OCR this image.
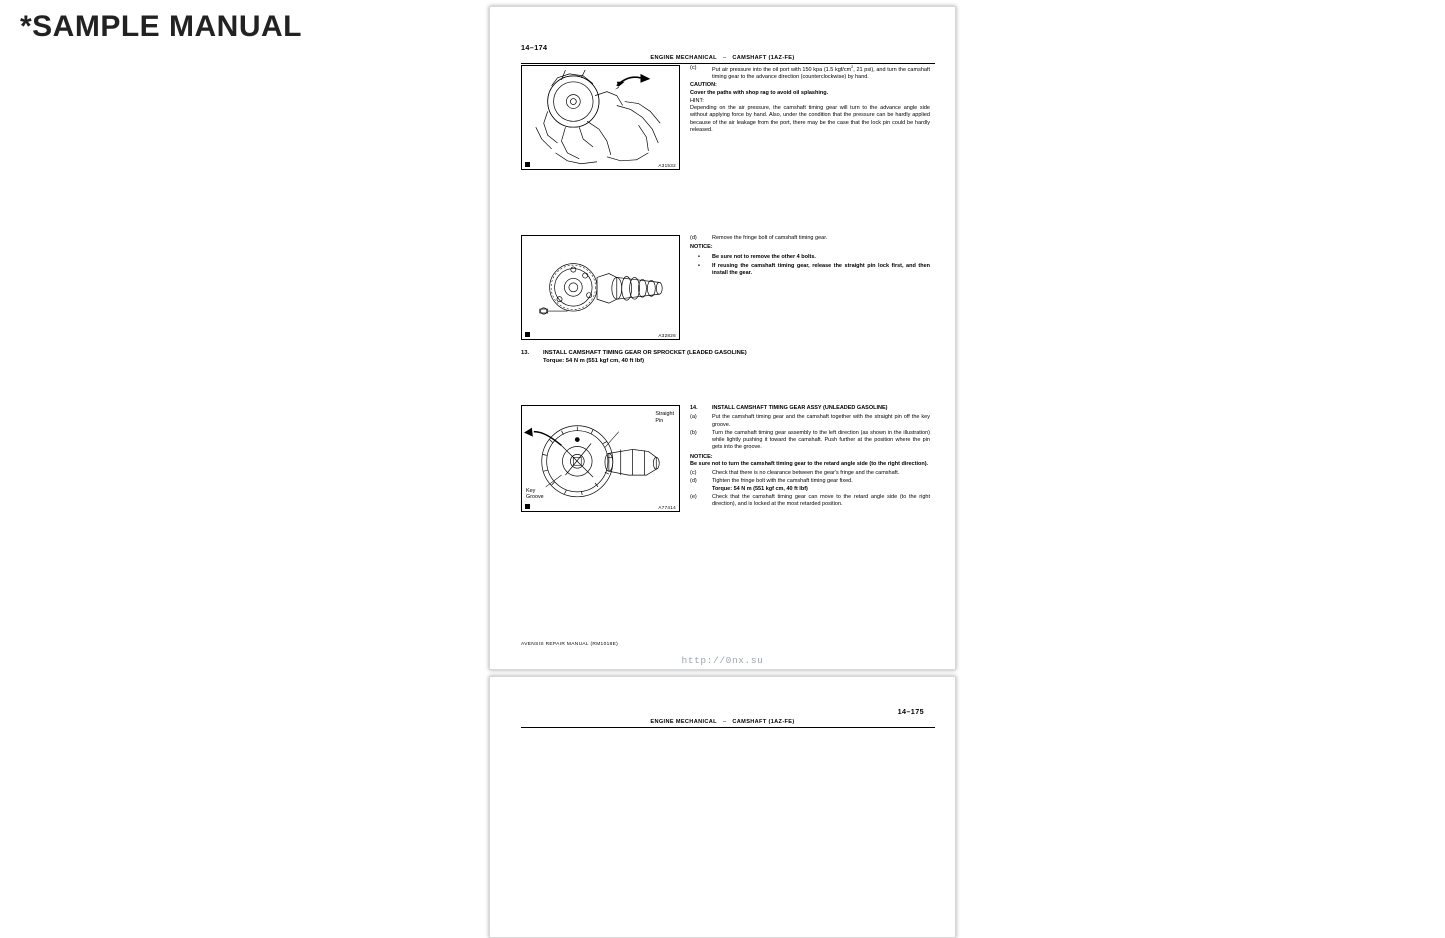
*SAMPLE MANUAL
14–174
ENGINE MECHANICAL – CAMSHAFT (1AZ-FE)
A31532
(c)	Put air pressure into the oil port with 150 kpa (1.5 kgf/$cm^2$, 21 psi), and turn the camshaft timing gear to the advance direction (counterclockwise) by hand.
CAUTION:
Cover the paths with shop rag to avoid oil splashing.
HINT:
Depending on the air pressure, the camshaft timing gear will turn to the advance angle side without applying force by hand. Also, under the condition that the pressure can be hardly applied because of the air leakage from the port, there may be the case that the lock pin could be hardly released.
A32826
(d)	Remove the fringe bolt of camshaft timing gear.
NOTICE:
•	Be sure not to remove the other 4 bolts.
•	If reusing the camshaft timing gear, release the straight pin lock first, and then install the gear.
13.	INSTALL CAMSHAFT TIMING GEAR OR SPROCKET (LEADED GASOLINE)
Torque: 54 N m (551 kgf cm, 40 ft lbf)
Straight
Pin
Key
Groove
A77414
14.	INSTALL CAMSHAFT TIMING GEAR ASSY (UNLEADED GASOLINE)
(a)	Put the camshaft timing gear and the camshaft together with the straight pin off the key groove.
(b)	Turn the camshaft timing gear assembly to the left direction (as shown in the illustration) while lightly pushing it toward the camshaft. Push further at the position where the pin gets into the groove.
NOTICE:
Be sure not to turn the camshaft timing gear to the retard angle side (to the right direction).
(c)	Check that there is no clearance between the gear's fringe and the camshaft.
(d)	Tighten the fringe bolt with the camshaft timing gear fixed.
Torque: 54 N m (551 kgf cm, 40 ft lbf)
(e)	Check that the camshaft timing gear can move to the retard angle side (to the right direction), and is locked at the most retarded position.
AVENSIS REPAIR MANUAL (RM1018E)
http://0nx.su
14–175
ENGINE MECHANICAL – CAMSHAFT (1AZ-FE)
